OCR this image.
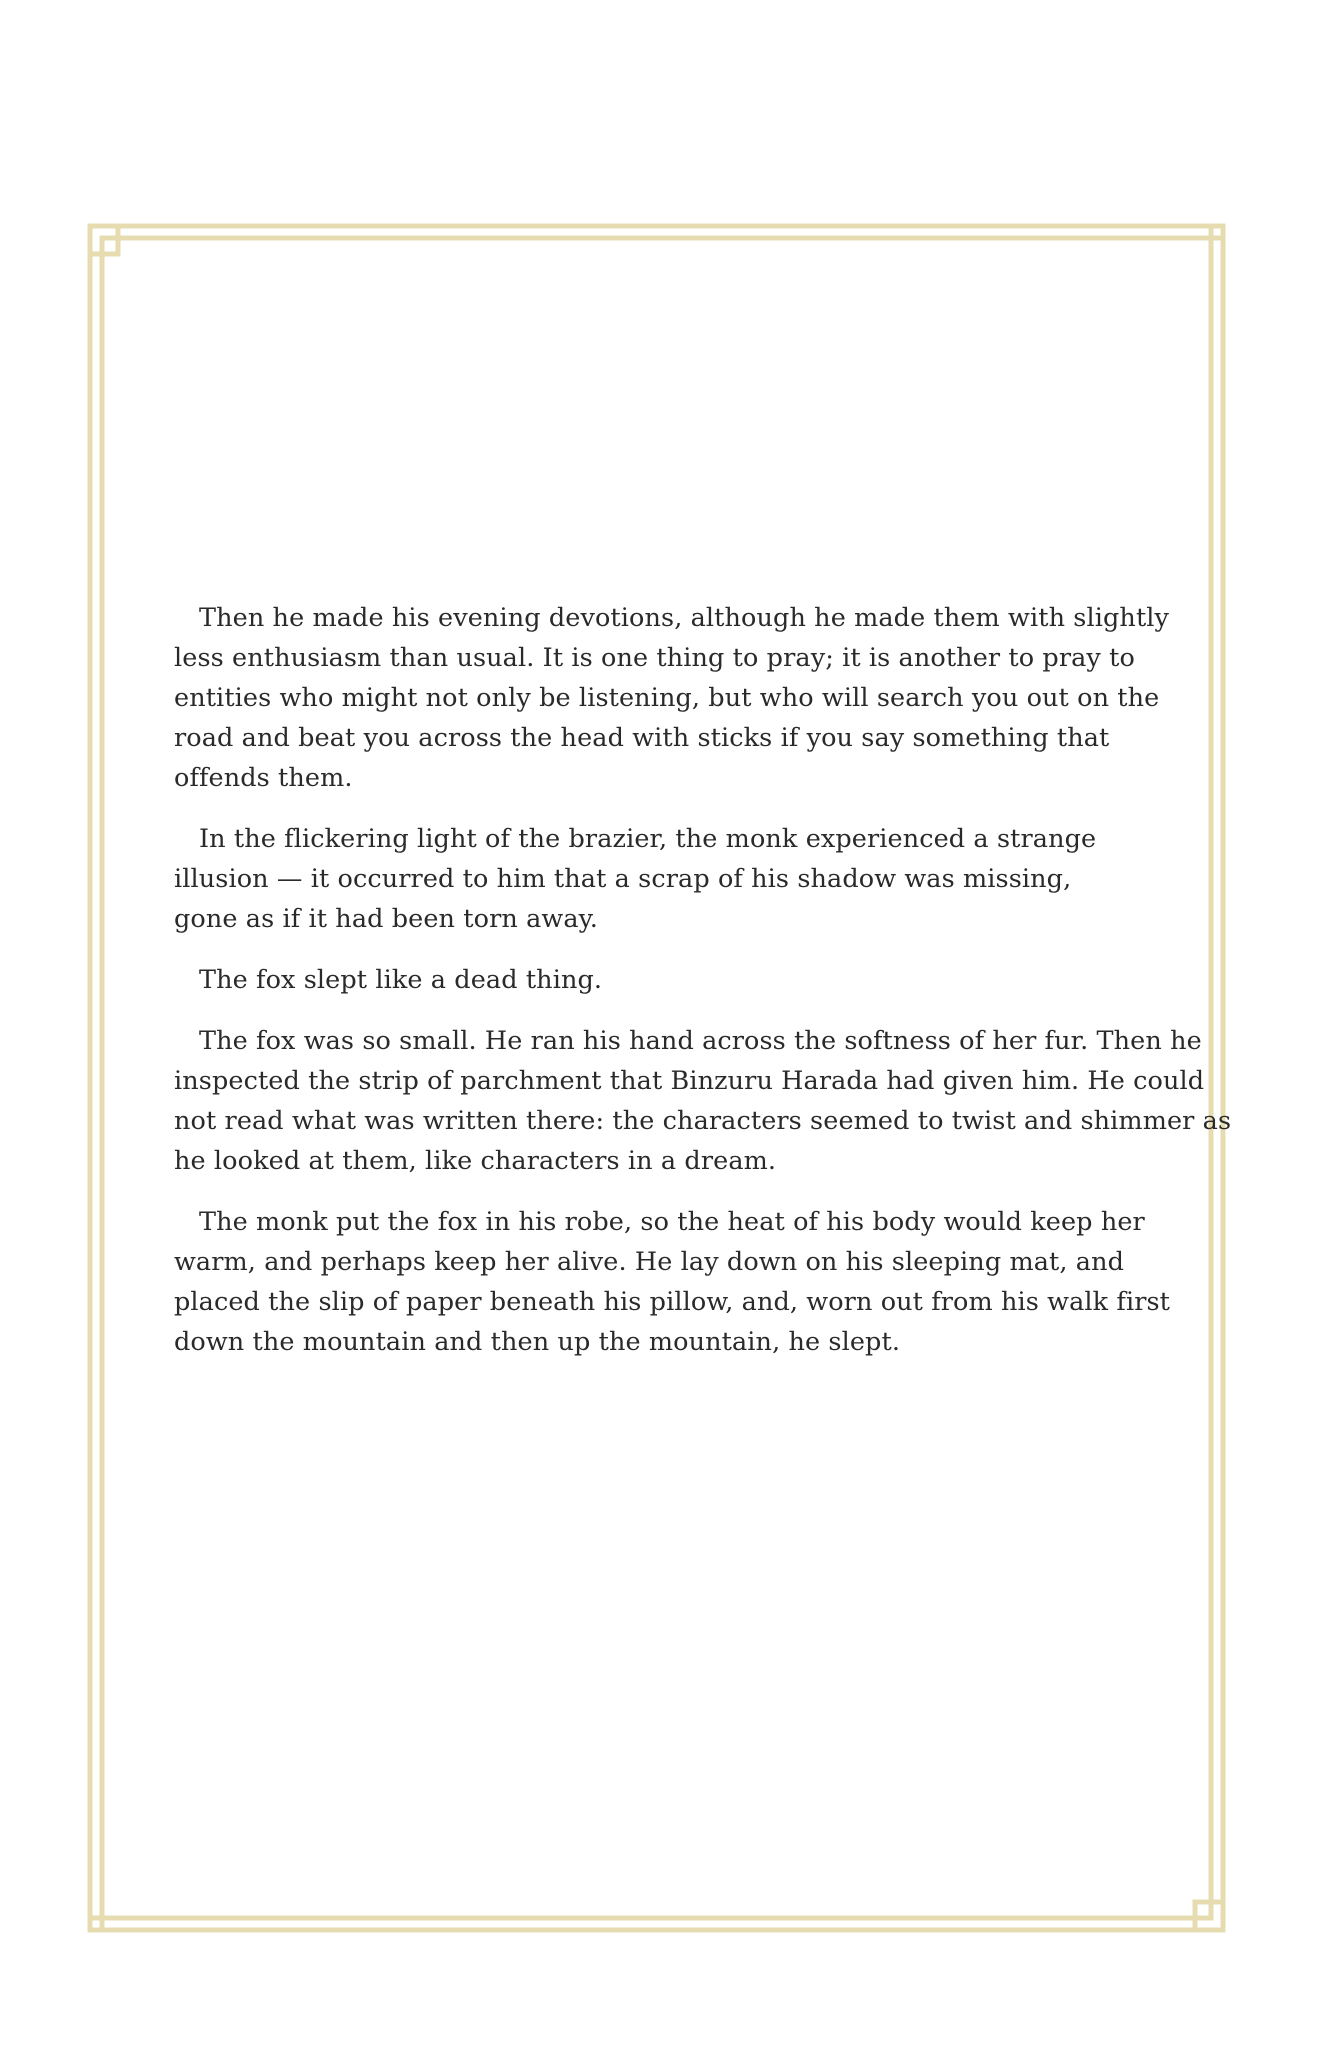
Then he made his evening devotions, although he made them with slightly
less enthusiasm than usual. It is one thing to pray; it is another to pray to
entities who might not only be listening, but who will search you out on the
road and beat you across the head with sticks if you say something that
offends them.

In the flickering light of the brazier, the monk experienced a strange
illusion — it occurred to him that a scrap of his shadow was missing,
gone as if it had been torn away.

The fox slept like a dead thing.

The fox was so small. He ran his hand across the softness of her fur. Then he
inspected the strip of parchment that Binzuru Harada had given him. He could
not read what was written there: the characters seemed to twist and shimmer as
he looked at them, like characters in a dream.

The monk put the fox in his robe, so the heat of his body would keep her
warm, and perhaps keep her alive. He lay down on his sleeping mat, and
placed the slip of paper beneath his pillow, and, worn out from his walk first
down the mountain and then up the mountain, he slept.
